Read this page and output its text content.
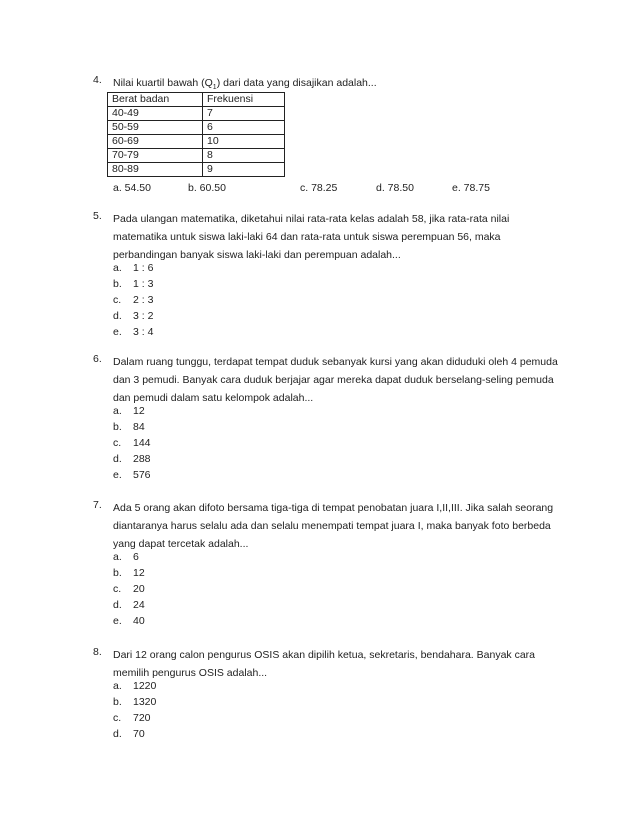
4. Nilai kuartil bawah $(Q_1)$ dari data yang disajikan adalah...
Berat badan	Frekuensi
40-49	7
50-59	6
60-69	10
70-79	8
80-89	9
a. 54.50	b. 60.50	c. 78.25	d. 78.50	e. 78.75
5. Pada ulangan matematika, diketahui nilai rata-rata kelas adalah 58, jika rata-rata nilai
matematika untuk siswa laki-laki 64 dan rata-rata untuk siswa perempuan 56, maka
perbandingan banyak siswa laki-laki dan perempuan adalah...
a. 1 : 6
b. 1 : 3
c. 2 : 3
d. 3 : 2
e. 3 : 4
6. Dalam ruang tunggu, terdapat tempat duduk sebanyak kursi yang akan diduduki oleh 4 pemuda
dan 3 pemudi. Banyak cara duduk berjajar agar mereka dapat duduk berselang-seling pemuda
dan pemudi dalam satu kelompok adalah...
a. 12
b. 84
c. 144
d. 288
e. 576
7. Ada 5 orang akan difoto bersama tiga-tiga di tempat penobatan juara I,II,III. Jika salah seorang
diantaranya harus selalu ada dan selalu menempati tempat juara I, maka banyak foto berbeda
yang dapat tercetak adalah...
a. 6
b. 12
c. 20
d. 24
e. 40
8. Dari 12 orang calon pengurus OSIS akan dipilih ketua, sekretaris, bendahara. Banyak cara
memilih pengurus OSIS adalah...
a. 1220
b. 1320
c. 720
d. 70
